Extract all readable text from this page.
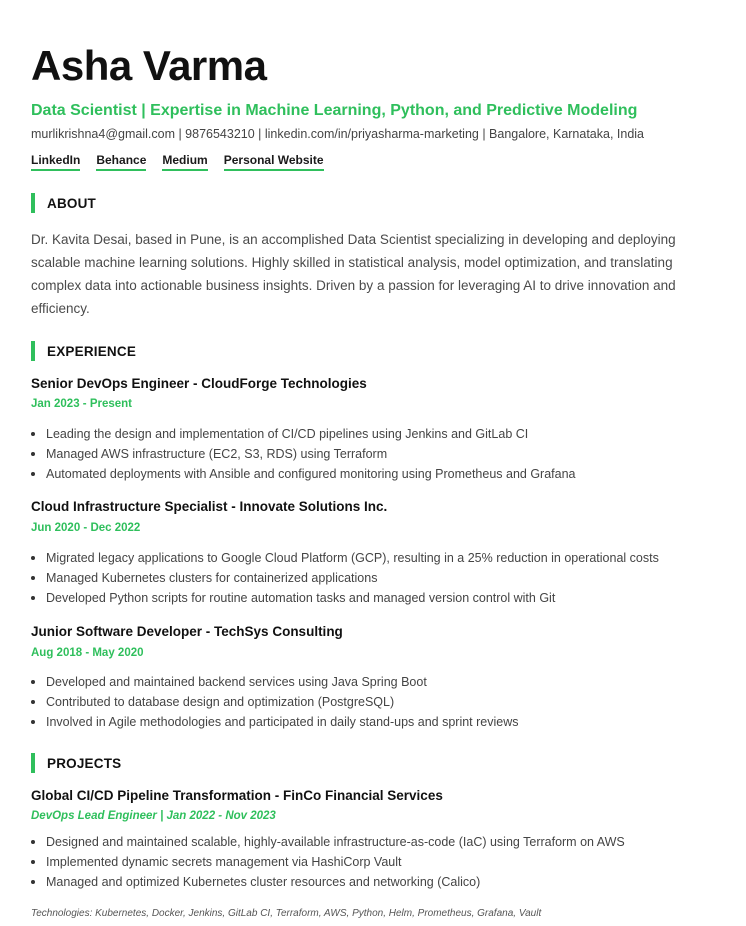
Asha Varma
Data Scientist | Expertise in Machine Learning, Python, and Predictive Modeling
murlikrishna4@gmail.com | 9876543210 | linkedin.com/in/priyasharma-marketing | Bangalore, Karnataka, India
LinkedIn Behance Medium Personal Website
ABOUT
Dr. Kavita Desai, based in Pune, is an accomplished Data Scientist specializing in developing and deploying scalable machine learning solutions. Highly skilled in statistical analysis, model optimization, and translating complex data into actionable business insights. Driven by a passion for leveraging AI to drive innovation and efficiency.
EXPERIENCE
Senior DevOps Engineer - CloudForge Technologies
Jan 2023 - Present
Leading the design and implementation of CI/CD pipelines using Jenkins and GitLab CI
Managed AWS infrastructure (EC2, S3, RDS) using Terraform
Automated deployments with Ansible and configured monitoring using Prometheus and Grafana
Cloud Infrastructure Specialist - Innovate Solutions Inc.
Jun 2020 - Dec 2022
Migrated legacy applications to Google Cloud Platform (GCP), resulting in a 25% reduction in operational costs
Managed Kubernetes clusters for containerized applications
Developed Python scripts for routine automation tasks and managed version control with Git
Junior Software Developer - TechSys Consulting
Aug 2018 - May 2020
Developed and maintained backend services using Java Spring Boot
Contributed to database design and optimization (PostgreSQL)
Involved in Agile methodologies and participated in daily stand-ups and sprint reviews
PROJECTS
Global CI/CD Pipeline Transformation - FinCo Financial Services
DevOps Lead Engineer | Jan 2022 - Nov 2023
Designed and maintained scalable, highly-available infrastructure-as-code (IaC) using Terraform on AWS
Implemented dynamic secrets management via HashiCorp Vault
Managed and optimized Kubernetes cluster resources and networking (Calico)
Technologies: Kubernetes, Docker, Jenkins, GitLab CI, Terraform, AWS, Python, Helm, Prometheus, Grafana, Vault
